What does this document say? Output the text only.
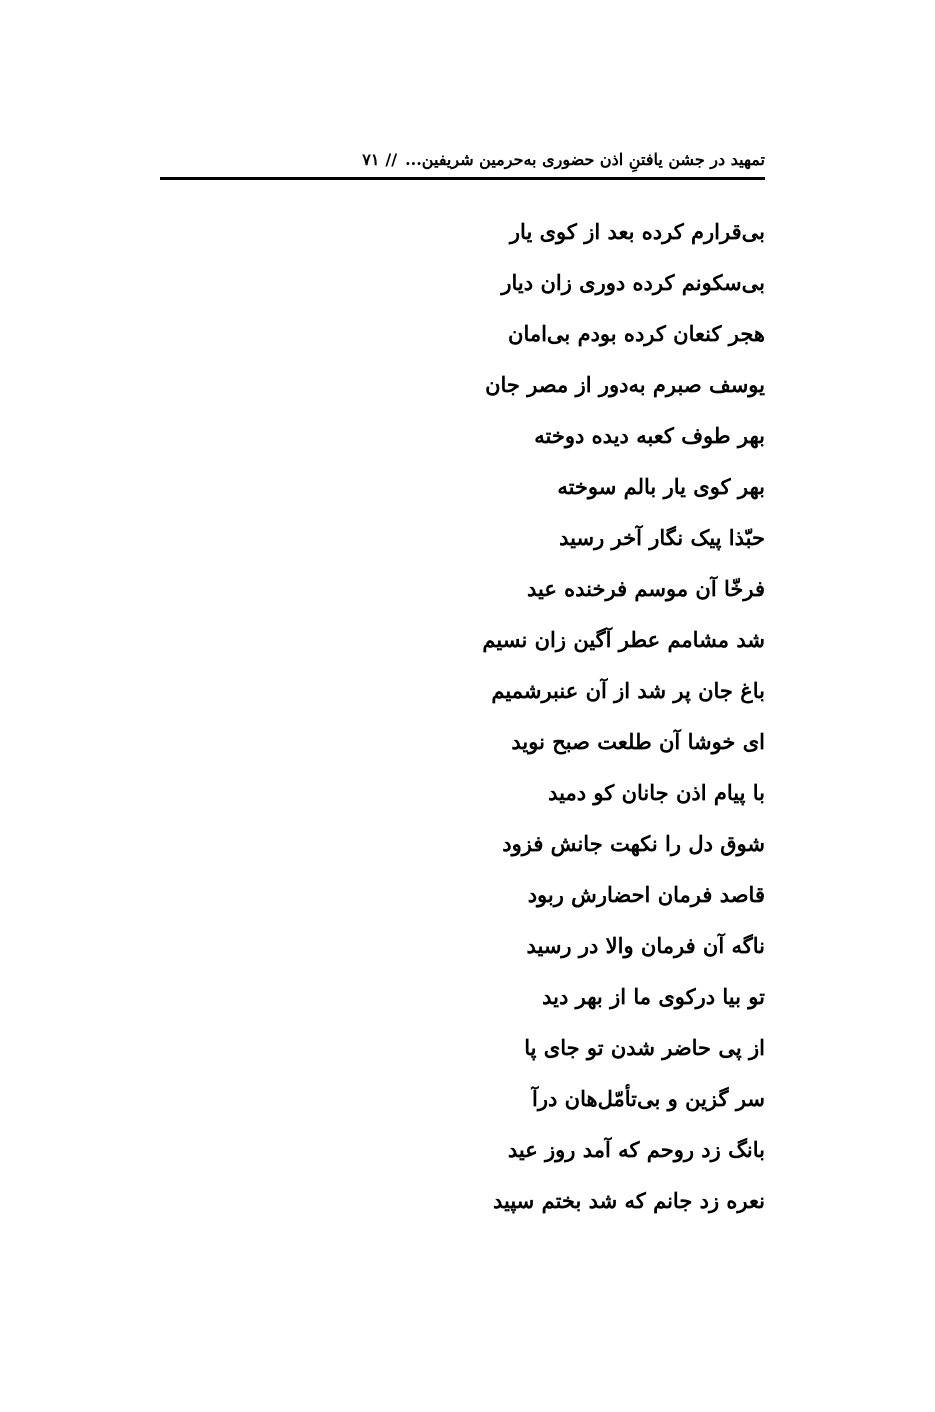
تمهید در جشن یافتنِ اذن حضوری به‌حرمین شریفین...
//
۷۱
بی‌قرارم کرده بعد از کوی یار
بی‌سکونم کرده دوری زان دیار
هجر کنعان کرده بودم بی‌امان
یوسف صبرم به‌دور از مصر جان
بهر طوف کعبه دیده دوخته
بهر کوی یار بالم سوخته
حبّذا پیک نگار آخر رسید
فرخّا آن موسم فرخنده عید
شد مشامم عطر آگین زان نسیم
باغ جان پر شد از آن عنبرشمیم
ای خوشا آن طلعت صبح نوید
با پیام اذن جانان کو دمید
شوق دل را نکهت جانش فزود
قاصد فرمان احضارش ربود
ناگه آن فرمان والا در رسید
تو بیا درکوی ما از بهر دید
از پی حاضر شدن تو جای پا
سر گزین و بی‌تأمّل‌هان درآ
بانگ زد روحم که آمد روز عید
نعره زد جانم که شد بختم سپید
